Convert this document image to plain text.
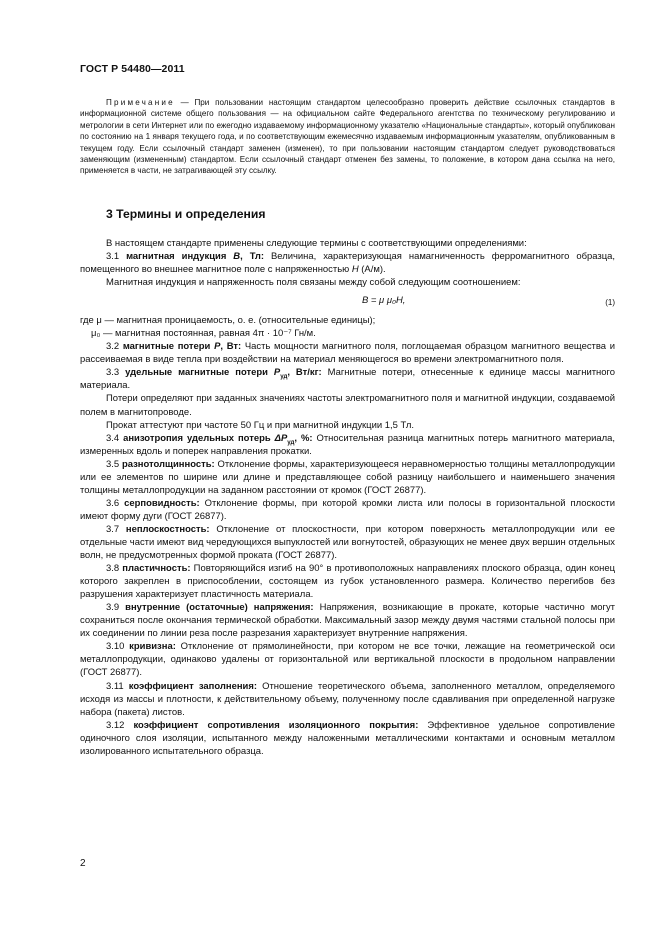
ГОСТ Р 54480—2011
Примечание — При пользовании настоящим стандартом целесообразно проверить действие ссылочных стандартов в информационной системе общего пользования — на официальном сайте Федерального агентства по техническому регулированию и метрологии в сети Интернет или по ежегодно издаваемому информационному указателю «Национальные стандарты», который опубликован по состоянию на 1 января текущего года, и по соответствующим ежемесячно издаваемым информационным указателям, опубликованным в текущем году. Если ссылочный стандарт заменен (изменен), то при пользовании настоящим стандартом следует руководствоваться заменяющим (измененным) стандартом. Если ссылочный стандарт отменен без замены, то положение, в котором дана ссылка на него, применяется в части, не затрагивающей эту ссылку.
3 Термины и определения

В настоящем стандарте применены следующие термины с соответствующими определениями:

3.1 магнитная индукция B, Тл: Величина, характеризующая намагниченность ферромагнитного образца, помещенного во внешнее магнитное поле с напряженностью H (А/м).

Магнитная индукция и напряженность поля связаны между собой следующим соотношением:

B = μ μ₀H,	(1)

где μ — магнитная проницаемость, о. е. (относительные единицы);

μ₀ — магнитная постоянная, равная 4π · 10⁻⁷ Гн/м.

3.2 магнитные потери P, Вт: Часть мощности магнитного поля, поглощаемая образцом магнитного вещества и рассеиваемая в виде тепла при воздействии на материал меняющегося во времени электромагнитного поля.

3.3 удельные магнитные потери $P_{уд}$, Вт/кг: Магнитные потери, отнесенные к единице массы магнитного материала.

Потери определяют при заданных значениях частоты электромагнитного поля и магнитной индукции, создаваемой полем в магнитопроводе.

Прокат аттестуют при частоте 50 Гц и при магнитной индукции 1,5 Тл.

3.4 анизотропия удельных потерь $\Delta P_{уд}$, %: Относительная разница магнитных потерь магнитного материала, измеренных вдоль и поперек направления прокатки.

3.5 разнотолщинность: Отклонение формы, характеризующееся неравномерностью толщины металлопродукции или ее элементов по ширине или длине и представляющее собой разницу наибольшего и наименьшего значения толщины металлопродукции на заданном расстоянии от кромок (ГОСТ 26877).

3.6 серповидность: Отклонение формы, при которой кромки листа или полосы в горизонтальной плоскости имеют форму дуги (ГОСТ 26877).

3.7 неплоскостность: Отклонение от плоскостности, при котором поверхность металлопродукции или ее отдельные части имеют вид чередующихся выпуклостей или вогнутостей, образующих не менее двух вершин отдельных волн, не предусмотренных формой проката (ГОСТ 26877).

3.8 пластичность: Повторяющийся изгиб на 90° в противоположных направлениях плоского образца, один конец которого закреплен в приспособлении, состоящем из губок установленного размера. Количество перегибов без разрушения характеризует пластичность материала.

3.9 внутренние (остаточные) напряжения: Напряжения, возникающие в прокате, которые частично могут сохраниться после окончания термической обработки. Максимальный зазор между двумя частями стальной полосы при их соединении по линии реза после разрезания характеризует внутренние напряжения.

3.10 кривизна: Отклонение от прямолинейности, при котором не все точки, лежащие на геометрической оси металлопродукции, одинаково удалены от горизонтальной или вертикальной плоскости в продольном направлении (ГОСТ 26877).

3.11 коэффициент заполнения: Отношение теоретического объема, заполненного металлом, определяемого исходя из массы и плотности, к действительному объему, полученному после сдавливания при определенной нагрузке набора (пакета) листов.

3.12 коэффициент сопротивления изоляционного покрытия: Эффективное удельное сопротивление одиночного слоя изоляции, испытанного между наложенными металлическими контактами и основным металлом изолированного испытательного образца.

2
